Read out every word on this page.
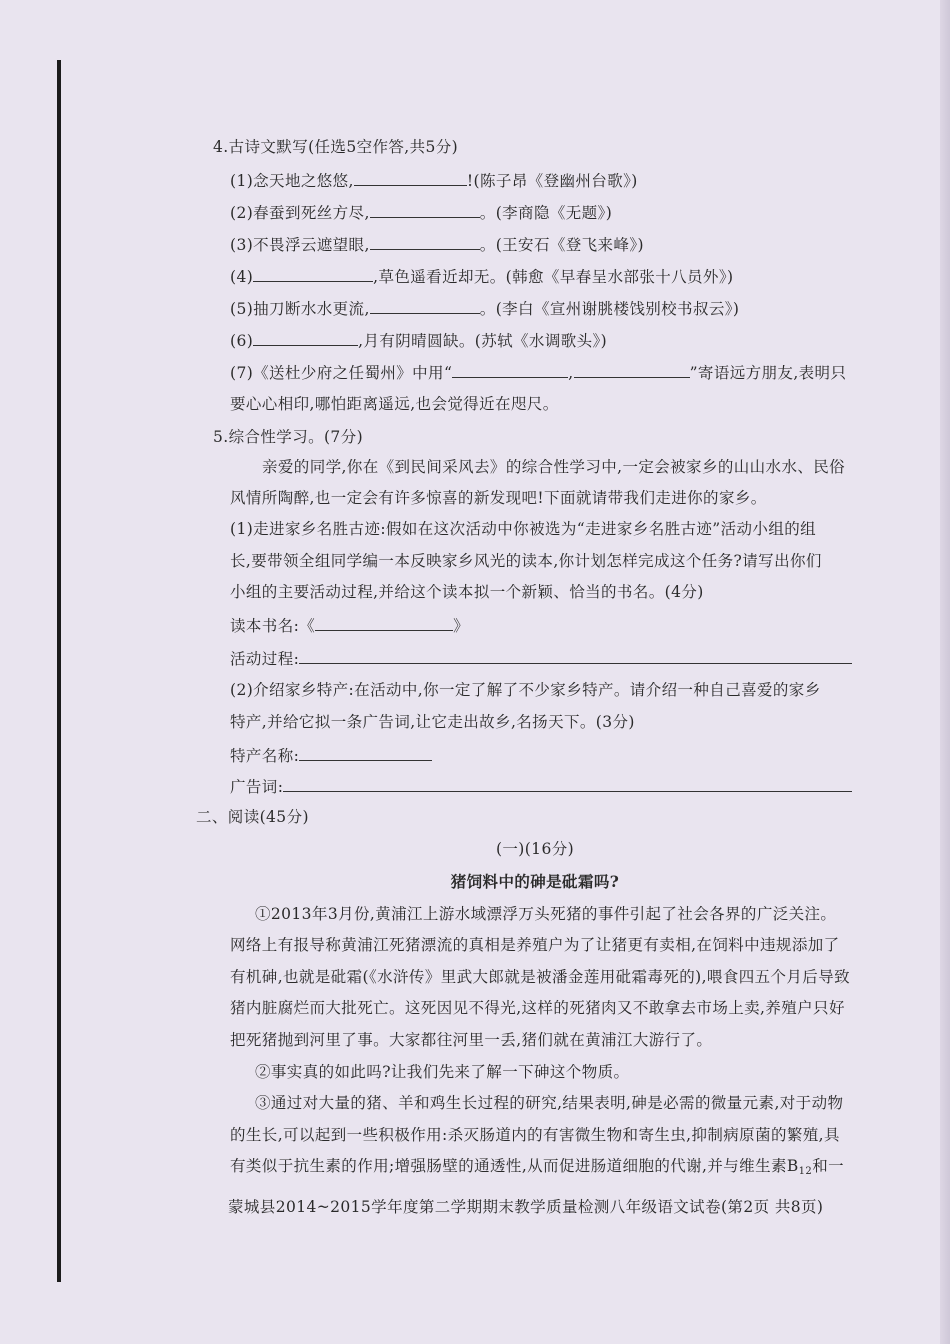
4.古诗文默写(任选5空作答,共5分)
(1)念天地之悠悠,	!(陈子昂《登幽州台歌》)
(2)春蚕到死丝方尽,	。(李商隐《无题》)
(3)不畏浮云遮望眼,	。(王安石《登飞来峰》)
(4)	,草色遥看近却无。(韩愈《早春呈水部张十八员外》)
(5)抽刀断水水更流,	。(李白《宣州谢朓楼饯别校书叔云》)
(6)	,月有阴晴圆缺。(苏轼《水调歌头》)
(7)《送杜少府之任蜀州》中用“	,	”寄语远方朋友,表明只
要心心相印,哪怕距离遥远,也会觉得近在咫尺。
5.综合性学习。(7分)
亲爱的同学,你在《到民间采风去》的综合性学习中,一定会被家乡的山山水水、民俗
风情所陶醉,也一定会有许多惊喜的新发现吧!下面就请带我们走进你的家乡。
(1)走进家乡名胜古迹:假如在这次活动中你被选为“走进家乡名胜古迹”活动小组的组
长,要带领全组同学编一本反映家乡风光的读本,你计划怎样完成这个任务?请写出你们
小组的主要活动过程,并给这个读本拟一个新颖、恰当的书名。(4分)
读本书名:《	》
活动过程:
(2)介绍家乡特产:在活动中,你一定了解了不少家乡特产。请介绍一种自己喜爱的家乡
特产,并给它拟一条广告词,让它走出故乡,名扬天下。(3分)
特产名称:
广告词:
二、阅读(45分)
(一)(16分)
猪饲料中的砷是砒霜吗?
①2013年3月份,黄浦江上游水域漂浮万头死猪的事件引起了社会各界的广泛关注。
网络上有报导称黄浦江死猪漂流的真相是养殖户为了让猪更有卖相,在饲料中违规添加了
有机砷,也就是砒霜(《水浒传》里武大郎就是被潘金莲用砒霜毒死的),喂食四五个月后导致
猪内脏腐烂而大批死亡。这死因见不得光,这样的死猪肉又不敢拿去市场上卖,养殖户只好
把死猪抛到河里了事。大家都往河里一丢,猪们就在黄浦江大游行了。
②事实真的如此吗?让我们先来了解一下砷这个物质。
③通过对大量的猪、羊和鸡生长过程的研究,结果表明,砷是必需的微量元素,对于动物
的生长,可以起到一些积极作用:杀灭肠道内的有害微生物和寄生虫,抑制病原菌的繁殖,具
有类似于抗生素的作用;增强肠壁的通透性,从而促进肠道细胞的代谢,并与维生素$B_{12}$和一
蒙城县2014~2015学年度第二学期期末教学质量检测八年级语文试卷(第2页 共8页)
